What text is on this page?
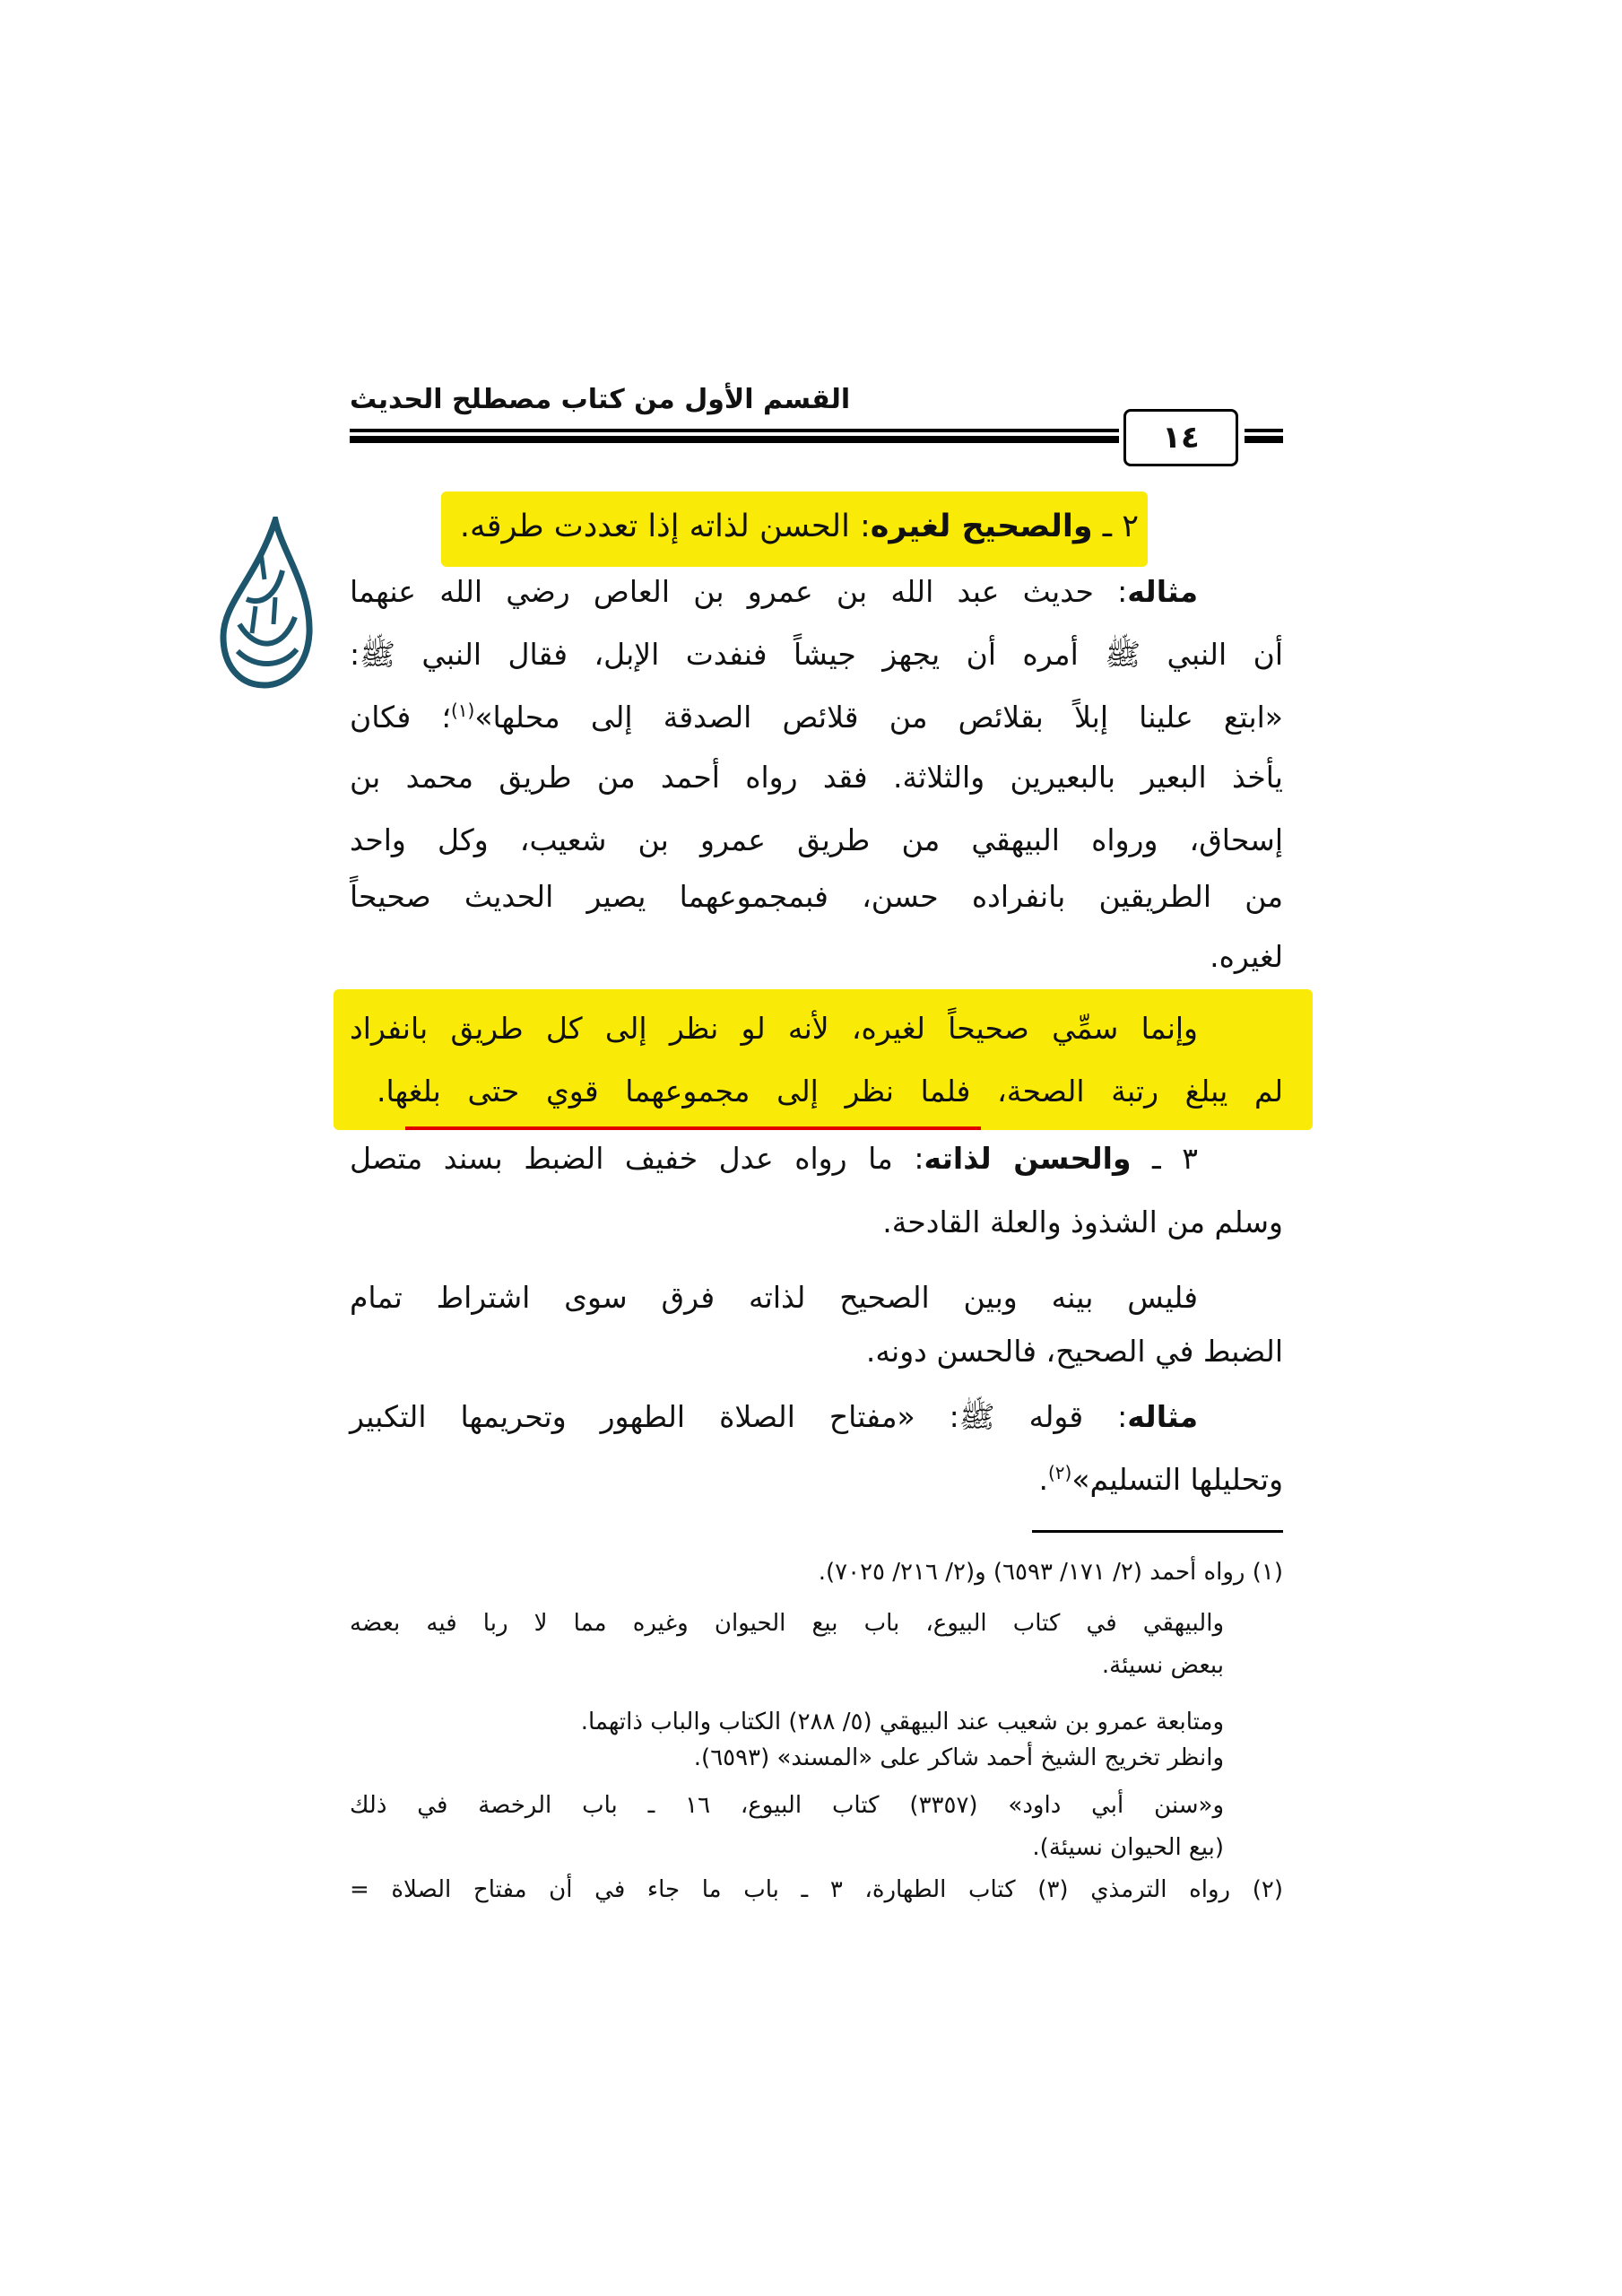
القسم الأول من كتاب مصطلح الحديث
١٤
٢ ـ والصحيح لغيره: الحسن لذاته إذا تعددت طرقه.
مثاله: حديث عبد الله بن عمرو بن العاص رضي الله عنهما
أن النبي ﷺ أمره أن يجهز جيشاً فنفدت الإبل، فقال النبي ﷺ:
«ابتع علينا إبلاً بقلائص من قلائص الصدقة إلى محلها»$^{(١)}$؛ فكان
يأخذ البعير بالبعيرين والثلاثة. فقد رواه أحمد من طريق محمد بن
إسحاق، ورواه البيهقي من طريق عمرو بن شعيب، وكل واحد
من الطريقين بانفراده حسن، فبمجموعهما يصير الحديث صحيحاً
لغيره.
وإنما سمِّي صحيحاً لغيره، لأنه لو نظر إلى كل طريق بانفراد
لم يبلغ رتبة الصحة، فلما نظر إلى مجموعهما قوي حتى بلغها.
٣ ـ والحسن لذاته: ما رواه عدل خفيف الضبط بسند متصل
وسلم من الشذوذ والعلة القادحة.
فليس بينه وبين الصحيح لذاته فرق سوى اشتراط تمام
الضبط في الصحيح، فالحسن دونه.
مثاله: قوله ﷺ: «مفتاح الصلاة الطهور وتحريمها التكبير
وتحليلها التسليم»$^{(٢)}$.
(١) رواه أحمد (٢/ ١٧١/ ٦٥٩٣) و(٢/ ٢١٦/ ٧٠٢٥).
والبيهقي في كتاب البيوع، باب بيع الحيوان وغيره مما لا ربا فيه بعضه
ببعض نسيئة.
ومتابعة عمرو بن شعيب عند البيهقي (٥/ ٢٨٨) الكتاب والباب ذاتهما.
وانظر تخريج الشيخ أحمد شاكر على «المسند» (٦٥٩٣).
و«سنن أبي داود» (٣٣٥٧) كتاب البيوع، ١٦ ـ باب الرخصة في ذلك
(بيع الحيوان نسيئة).
(٢) رواه الترمذي (٣) كتاب الطهارة، ٣ ـ باب ما جاء في أن مفتاح الصلاة =
